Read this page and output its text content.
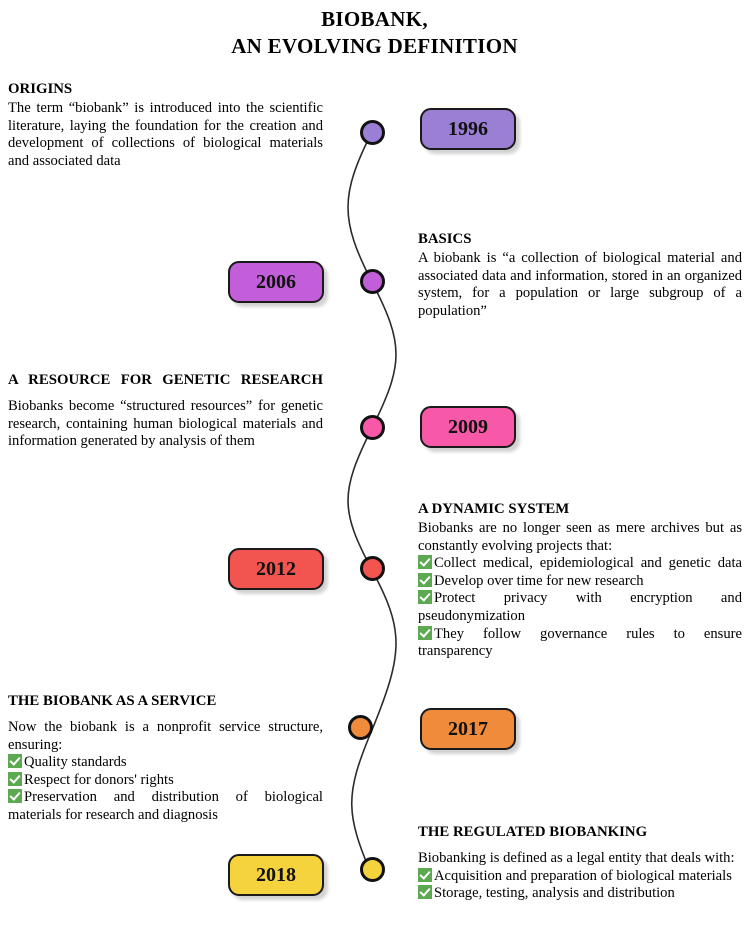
BIOBANK,
AN EVOLVING DEFINITION
1996
2006
2009
2012
2017
2018

ORIGINS

The term “biobank” is introduced into the scientific literature, laying the foundation for the creation and development of collections of biological materials and associated data

BASICS

A biobank is “a collection of biological material and associated data and information, stored in an organized system, for a population or large subgroup of a population”

A RESOURCE FOR GENETIC RESEARCH

Biobanks become “structured resources” for genetic research, containing human biological materials and information generated by analysis of them

A DYNAMIC SYSTEM

Biobanks are no longer seen as mere archives but as constantly evolving projects that:

Collect medical, epidemiological and genetic data
Develop over time for new research
Protect privacy with encryption and pseudonymization
They follow governance rules to ensure transparency

THE BIOBANK AS A SERVICE

Now the biobank is a nonprofit service structure, ensuring:

Quality standards
Respect for donors' rights
Preservation and distribution of biological materials for research and diagnosis

THE REGULATED BIOBANKING

Biobanking is defined as a legal entity that deals with:

Acquisition and preparation of biological materials
Storage, testing, analysis and distribution
